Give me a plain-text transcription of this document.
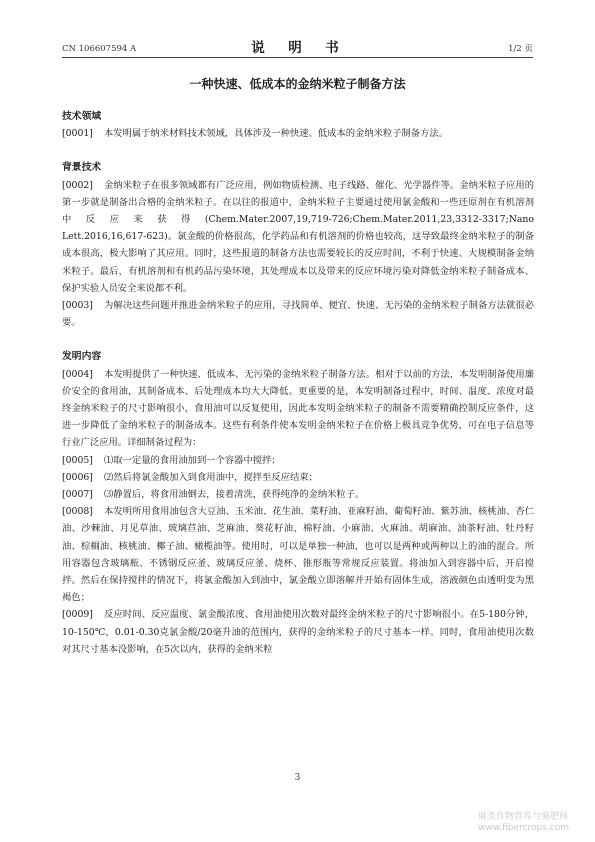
CN 106607594 A	说　明　书	1/2 页
一种快速、低成本的金纳米粒子制备方法

技术领域

[0001] 本发明属于纳米材料技术领域，具体涉及一种快速、低成本的金纳米粒子制备方法。

背景技术

[0002] 金纳米粒子在很多领域都有广泛应用，例如物质检测、电子线路、催化、光学器件等。金纳米粒子应用的第一步就是制备出合格的金纳米粒子。在以往的报道中，金纳米粒子主要通过使用氯金酸和一些还原剂在有机溶剂中反应来获得(Chem.Mater.2007,19,719-726;Chem.Mater.2011,23,3312-3317;Nano Lett.2016,16,617-623)。氯金酸的价格很高，化学药品和有机溶剂的价格也较高，这导致最终金纳米粒子的制备成本很高，极大影响了其应用。同时，这些报道的制备方法也需要较长的反应时间，不利于快速、大规模制备金纳米粒子。最后，有机溶剂和有机药品污染环境，其处理成本以及带来的反应环境污染对降低金纳米粒子制备成本、保护实验人员安全来说都不利。

[0003] 为解决这些问题并推进金纳米粒子的应用，寻找简单、便宜、快速、无污染的金纳米粒子制备方法就很必要。

发明内容

[0004] 本发明提供了一种快速、低成本、无污染的金纳米粒子制备方法。相对于以前的方法，本发明制备使用廉价安全的食用油，其制备成本、后处理成本均大大降低。更重要的是，本发明制备过程中，时间、温度、浓度对最终金纳米粒子的尺寸影响很小，食用油可以反复使用，因此本发明金纳米粒子的制备不需要精确控制反应条件，这进一步降低了金纳米粒子的制备成本。这些有利条件使本发明金纳米粒子在价格上极具竞争优势，可在电子信息等行业广泛应用。详细制备过程为：

[0005] ⑴取一定量的食用油加到一个容器中搅拌；

[0006] ⑵然后将氯金酸加入到食用油中，搅拌至反应结束；

[0007] ⑶静置后，将食用油倒去，接着清洗，获得纯净的金纳米粒子。

[0008] 本发明所用食用油包含大豆油、玉米油、花生油、菜籽油、亚麻籽油、葡萄籽油、紫苏油、核桃油、杏仁油、沙棘油、月见草油、玻璃苣油、芝麻油、葵花籽油、棉籽油、小麻油、火麻油、胡麻油、油茶籽油、牡丹籽油、棕榈油、核桃油、椰子油、橄榄油等。使用时，可以是单独一种油，也可以是两种或两种以上的油的混合。所用容器包含玻璃瓶、不锈钢反应釜、玻璃反应釜、烧杯、锥形瓶等常规反应装置。将油加入到容器中后，开启搅拌。然后在保持搅拌的情况下，将氯金酸加入到油中，氯金酸立即溶解并开始有固体生成，溶液颜色由透明变为黑褐色；

[0009] 反应时间、反应温度、氯金酸浓度、食用油使用次数对最终金纳米粒子的尺寸影响很小。在5-180分钟，10-150℃，0.01-0.30克氯金酸/20毫升油的范围内，获得的金纳米粒子的尺寸基本一样。同时，食用油使用次数对其尺寸基本没影响，在5次以内，获得的金纳米粒

3
麻类作物营养与施肥网
www.fibercrops.com
